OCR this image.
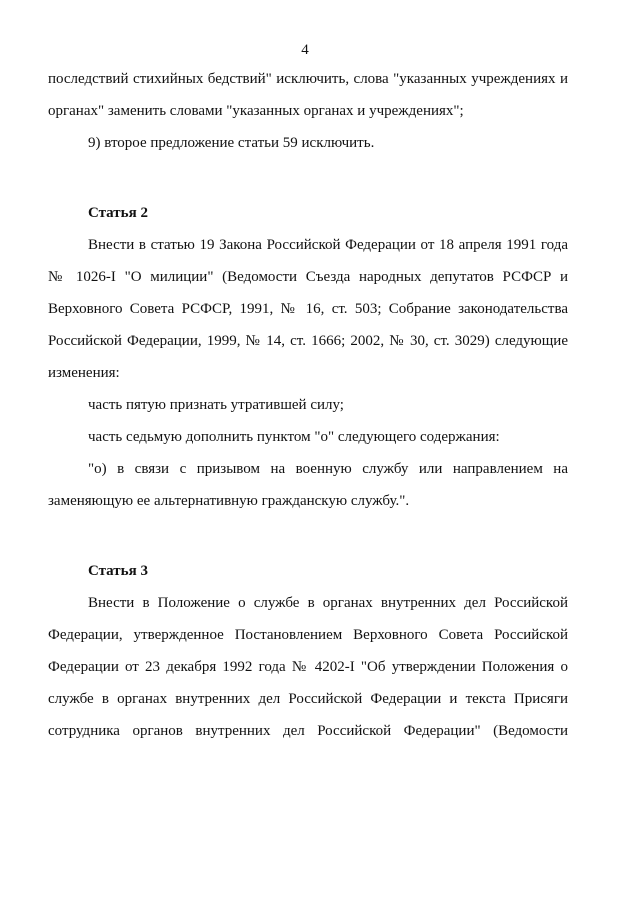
4
последствий стихийных бедствий" исключить, слова "указанных учреждениях и
органах" заменить словами "указанных органах и учреждениях";
9) второе предложение статьи 59 исключить.
Статья 2
Внести в статью 19 Закона Российской Федерации от 18 апреля 1991 года
№ 1026-I "О милиции" (Ведомости Съезда народных депутатов РСФСР и
Верховного Совета РСФСР, 1991, № 16, ст. 503; Собрание законодательства
Российской Федерации, 1999, № 14, ст. 1666; 2002, № 30, ст. 3029) следующие
изменения:
часть пятую признать утратившей силу;
часть седьмую дополнить пунктом "о" следующего содержания:
"о) в связи с призывом на военную службу или направлением на
заменяющую ее альтернативную гражданскую службу.".
Статья 3
Внести в Положение о службе в органах внутренних дел Российской
Федерации, утвержденное Постановлением Верховного Совета Российской
Федерации от 23 декабря 1992 года № 4202-I "Об утверждении Положения о
службе в органах внутренних дел Российской Федерации и текста Присяги
сотрудника органов внутренних дел Российской Федерации" (Ведомости
